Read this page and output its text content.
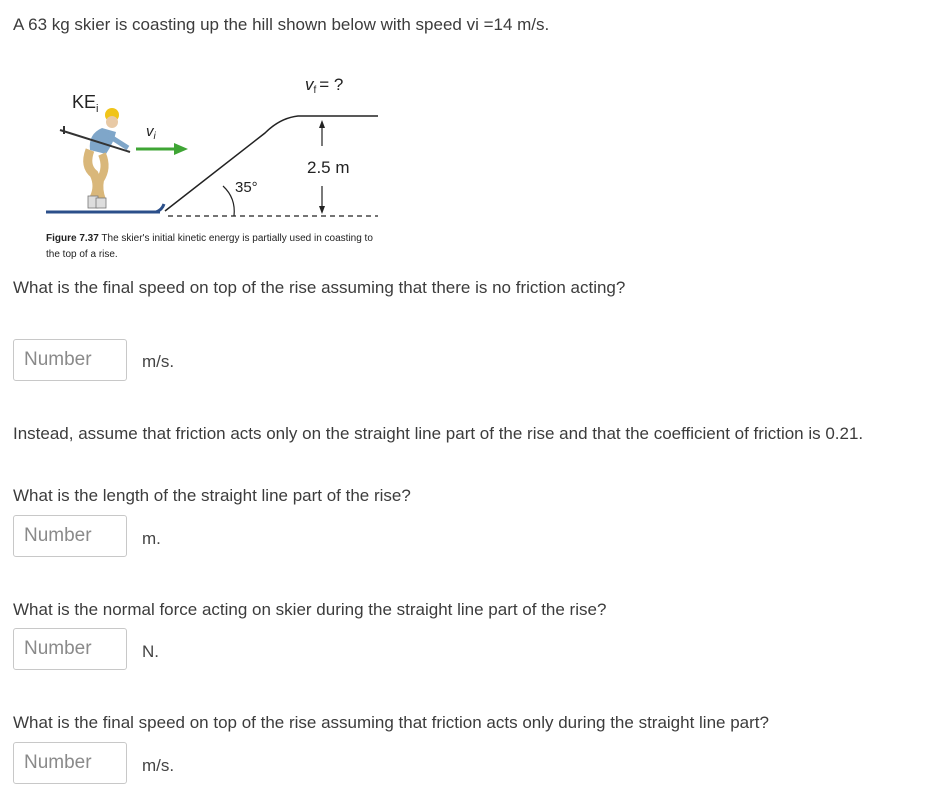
A 63 kg skier is coasting up the hill shown below with speed vi =14 m/s.
$KE_i$
$v_i$
vf = ?
2.5 m
35°
Figure 7.37 The skier's initial kinetic energy is partially used in coasting to the top of a rise.
What is the final speed on top of the rise assuming that there is no friction acting?
Number
m/s.
Instead, assume that friction acts only on the straight line part of the rise and that the coefficient of friction is 0.21.
What is the length of the straight line part of the rise?
Number
m.
What is the normal force acting on skier during the straight line part of the rise?
Number
N.
What is the final speed on top of the rise assuming that friction acts only during the straight line part?
Number
m/s.
